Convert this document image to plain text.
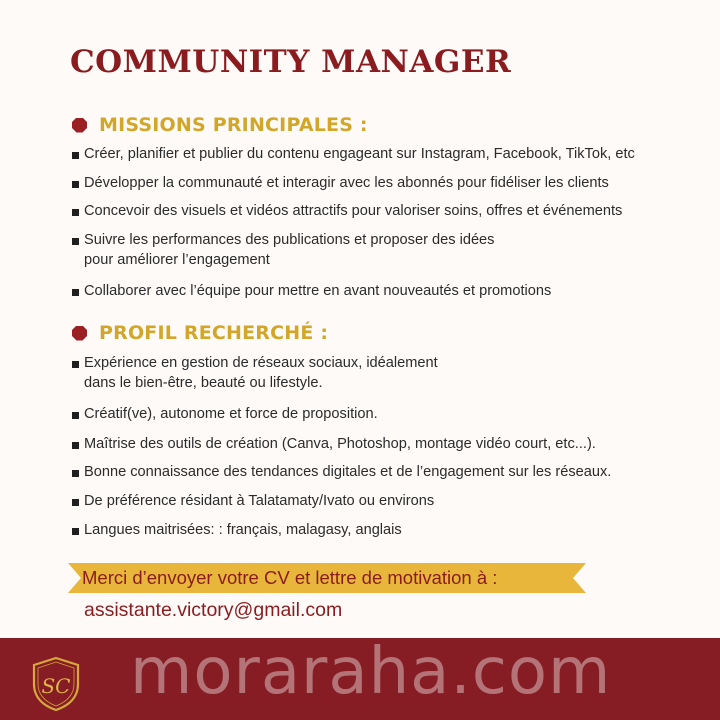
COMMUNITY MANAGER
MISSIONS PRINCIPALES :
Créer, planifier et publier du contenu engageant sur Instagram, Facebook, TikTok, etc
Développer la communauté et interagir avec les abonnés pour fidéliser les clients
Concevoir des visuels et vidéos attractifs pour valoriser soins, offres et événements
Suivre les performances des publications et proposer des idées
pour améliorer l’engagement
Collaborer avec l’équipe pour mettre en avant nouveautés et promotions
PROFIL RECHERCHÉ :
Expérience en gestion de réseaux sociaux, idéalement
dans le bien-être, beauté ou lifestyle.
Créatif(ve), autonome et force de proposition.
Maîtrise des outils de création (Canva, Photoshop, montage vidéo court, etc...).
Bonne connaissance des tendances digitales et de l’engagement sur les réseaux.
De préférence résidant à Talatamaty/Ivato ou environs
Langues maitrisées: : français, malagasy, anglais
Merci d’envoyer votre CV et lettre de motivation à :
assistante.victory@gmail.com
SC moraraha.com
